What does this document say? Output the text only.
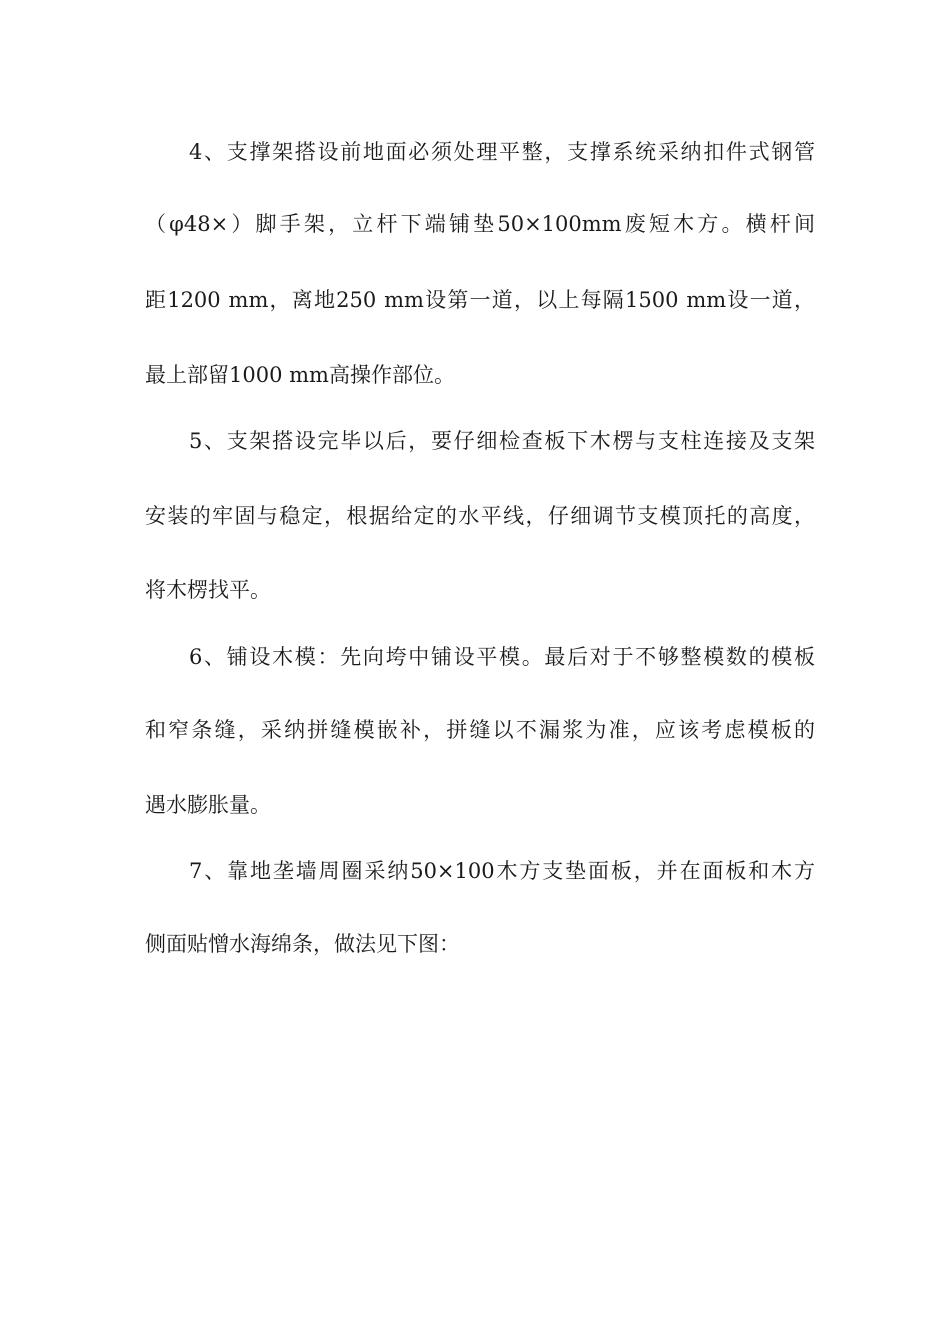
4、支撑架搭设前地面必须处理平整，支撑系统采纳扣件式钢管
（φ48×）脚手架，立杆下端铺垫50×100mm废短木方。横杆间
距1200 mm，离地250 mm设第一道，以上每隔1500 mm设一道，
最上部留1000 mm高操作部位。
5、支架搭设完毕以后，要仔细检查板下木楞与支柱连接及支架
安装的牢固与稳定，根据给定的水平线，仔细调节支模顶托的高度，
将木楞找平。
6、铺设木模：先向垮中铺设平模。最后对于不够整模数的模板
和窄条缝，采纳拼缝模嵌补，拼缝以不漏浆为准，应该考虑模板的
遇水膨胀量。
7、靠地垄墙周圈采纳50×100木方支垫面板，并在面板和木方
侧面贴憎水海绵条，做法见下图：
